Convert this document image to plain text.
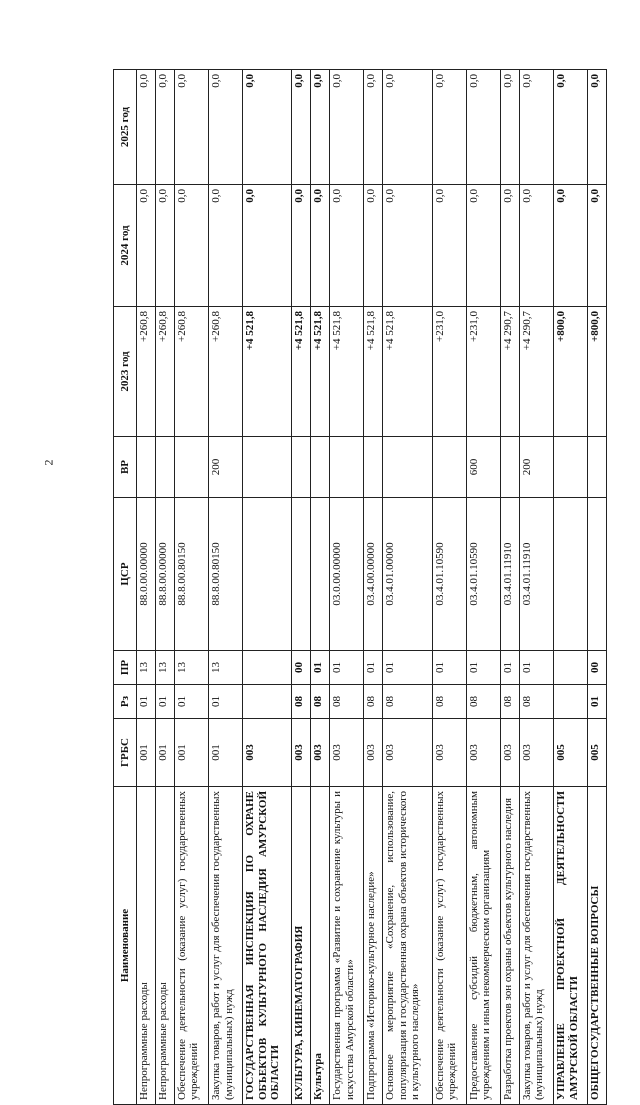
2
Наименование	ГРБС	Рз	ПР	ЦСР	ВР	2023 год	2024 год	2025 год
Непрограммные расходы	001	01	13	88.0.00.00000		+260,8	0,0	0,0
Непрограммные расходы	001	01	13	88.8.00.00000		+260,8	0,0	0,0
Обеспечение деятельности (оказание услуг) государственных учреждений	001	01	13	88.8.00.80150		+260,8	0,0	0,0
Закупка товаров, работ и услуг для обеспечения государственных (муниципальных) нужд	001	01	13	88.8.00.80150	200	+260,8	0,0	0,0
ГОСУДАРСТВЕННАЯ ИНСПЕКЦИЯ ПО ОХРАНЕ ОБЪЕКТОВ КУЛЬТУРНОГО НАСЛЕДИЯ АМУРСКОЙ ОБЛАСТИ	003					+4 521,8	0,0	0,0
КУЛЬТУРА, КИНЕМАТОГРАФИЯ	003	08	00			+4 521,8	0,0	0,0
Культура	003	08	01			+4 521,8	0,0	0,0
Государственная программа «Развитие и сохранение культуры и искусства Амурской области»	003	08	01	03.0.00.00000		+4 521,8	0,0	0,0
Подпрограмма «Историко-культурное наследие»	003	08	01	03.4.00.00000		+4 521,8	0,0	0,0
Основное мероприятие «Сохранение, использование, популяризация и государственная охрана объектов исторического и культурного наследия»	003	08	01	03.4.01.00000		+4 521,8	0,0	0,0
Обеспечение деятельности (оказание услуг) государственных учреждений	003	08	01	03.4.01.10590		+231,0	0,0	0,0
Предоставление субсидий бюджетным, автономным учреждениям и иным некоммерческим организациям	003	08	01	03.4.01.10590	600	+231,0	0,0	0,0
Разработка проектов зон охраны объектов культурного наследия	003	08	01	03.4.01.11910		+4 290,7	0,0	0,0
Закупка товаров, работ и услуг для обеспечения государственных (муниципальных) нужд	003	08	01	03.4.01.11910	200	+4 290,7	0,0	0,0
УПРАВЛЕНИЕ ПРОЕКТНОЙ ДЕЯТЕЛЬНОСТИ АМУРСКОЙ ОБЛАСТИ	005					+800,0	0,0	0,0
ОБЩЕГОСУДАРСТВЕННЫЕ ВОПРОСЫ	005	01	00			+800,0	0,0	0,0
